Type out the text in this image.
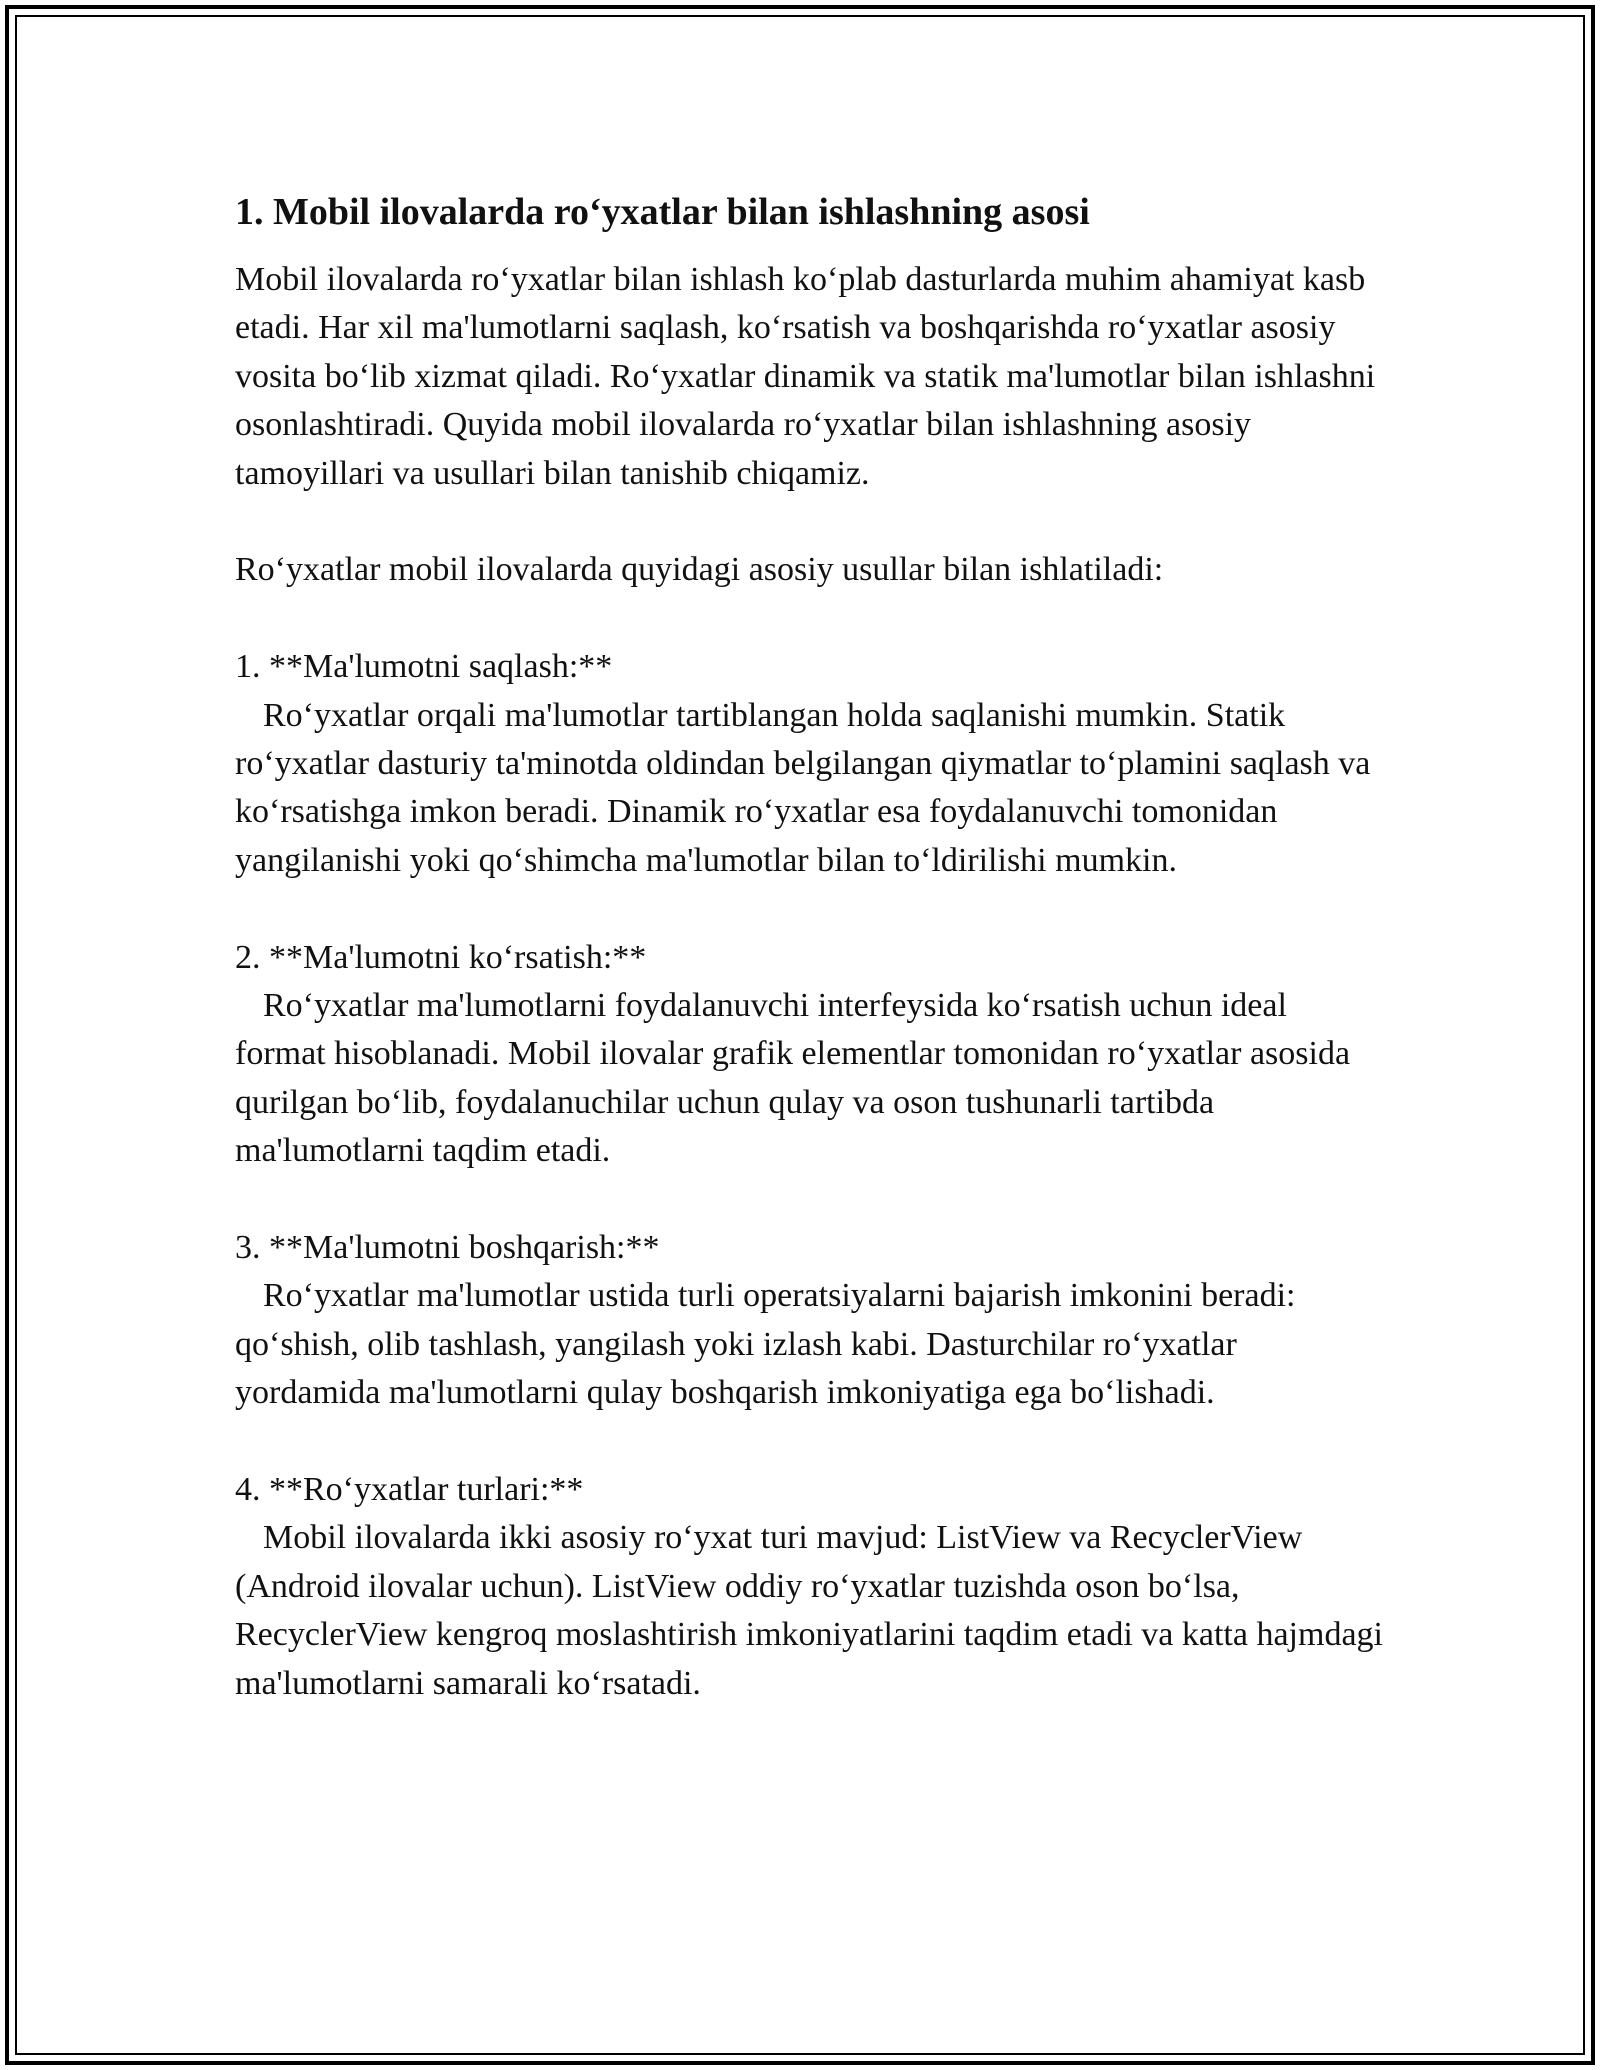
1. Mobil ilovalarda ro‘yxatlar bilan ishlashning asosi

Mobil ilovalarda ro‘yxatlar bilan ishlash ko‘plab dasturlarda muhim ahamiyat kasb etadi. Har xil ma'lumotlarni saqlash, ko‘rsatish va boshqarishda ro‘yxatlar asosiy vosita bo‘lib xizmat qiladi. Ro‘yxatlar dinamik va statik ma'lumotlar bilan ishlashni osonlashtiradi. Quyida mobil ilovalarda ro‘yxatlar bilan ishlashning asosiy tamoyillari va usullari bilan tanishib chiqamiz.

Ro‘yxatlar mobil ilovalarda quyidagi asosiy usullar bilan ishlatiladi:

1. **Ma'lumotni saqlash:**
Ro‘yxatlar orqali ma'lumotlar tartiblangan holda saqlanishi mumkin. Statik ro‘yxatlar dasturiy ta'minotda oldindan belgilangan qiymatlar to‘plamini saqlash va ko‘rsatishga imkon beradi. Dinamik ro‘yxatlar esa foydalanuvchi tomonidan yangilanishi yoki qo‘shimcha ma'lumotlar bilan to‘ldirilishi mumkin.
2. **Ma'lumotni ko‘rsatish:**
Ro‘yxatlar ma'lumotlarni foydalanuvchi interfeysida ko‘rsatish uchun ideal format hisoblanadi. Mobil ilovalar grafik elementlar tomonidan ro‘yxatlar asosida qurilgan bo‘lib, foydalanuchilar uchun qulay va oson tushunarli tartibda ma'lumotlarni taqdim etadi.
3. **Ma'lumotni boshqarish:**
Ro‘yxatlar ma'lumotlar ustida turli operatsiyalarni bajarish imkonini beradi: qo‘shish, olib tashlash, yangilash yoki izlash kabi. Dasturchilar ro‘yxatlar yordamida ma'lumotlarni qulay boshqarish imkoniyatiga ega bo‘lishadi.
4. **Ro‘yxatlar turlari:**
Mobil ilovalarda ikki asosiy ro‘yxat turi mavjud: ListView va RecyclerView (Android ilovalar uchun). ListView oddiy ro‘yxatlar tuzishda oson bo‘lsa, RecyclerView kengroq moslashtirish imkoniyatlarini taqdim etadi va katta hajmdagi ma'lumotlarni samarali ko‘rsatadi.
